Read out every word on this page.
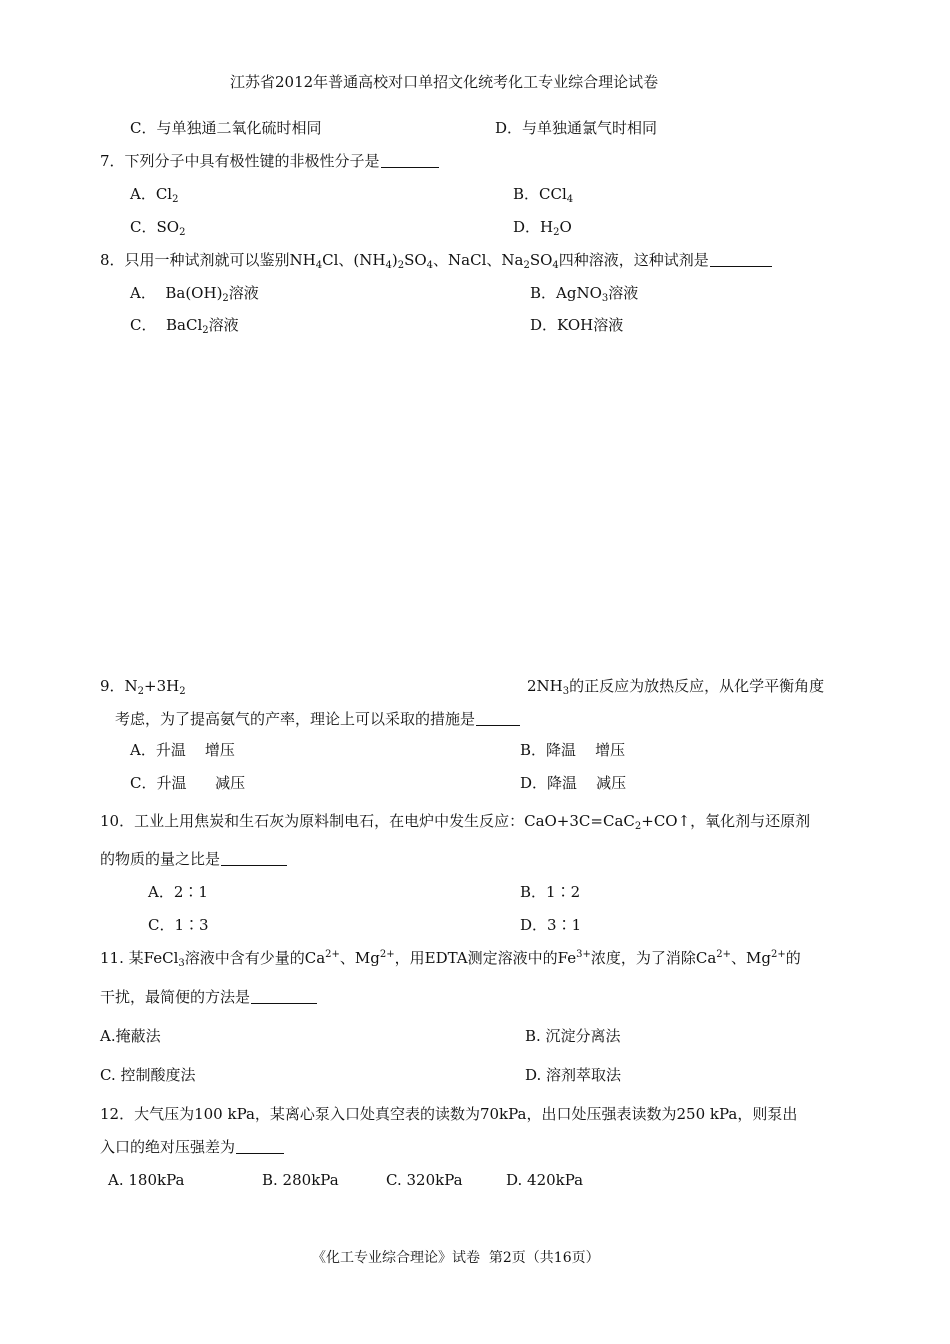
江苏省2012年普通高校对口单招文化统考化工专业综合理论试卷
C．与单独通二氧化硫时相同	D．与单独通氯气时相同
7．下列分子中具有极性键的非极性分子是
A．$Cl_2$	B．CCl$_4$
C．$SO_2$	D．$H_2O$
8．只用一种试剂就可以鉴别$NH_4Cl$、$(NH_4)_2SO_4$、NaCl、$Na_2SO_4$四种溶液，这种试剂是
A．  $Ba(OH)_2$溶液	B．AgNO$_3$溶液
C．  BaCl$_2$溶液	D．KOH溶液
9．$N_2+3H_2$	$2NH_3$的正反应为放热反应，从化学平衡角度
考虑，为了提高氨气的产率，理论上可以采取的措施是
A．升温    增压	B．降温    增压
C．升温      减压	D．降温    减压
10．工业上用焦炭和生石灰为原料制电石，在电炉中发生反应：CaO+3C=CaC$_2$+CO↑，氧化剂与还原剂
的物质的量之比是
A．2∶1	B．1∶2
C．1∶3	D．3∶1
11. 某FeCl$_3$溶液中含有少量的$Ca^{2+}$、$Mg^{2+}$，用EDTA测定溶液中的$Fe^{3+}$浓度，为了消除$Ca^{2+}$、$Mg^{2+}$的
干扰，最简便的方法是
A.掩蔽法	B. 沉淀分离法
C. 控制酸度法	D. 溶剂萃取法
12．大气压为100 kPa，某离心泵入口处真空表的读数为70kPa，出口处压强表读数为250 kPa，则泵出
入口的绝对压强差为
A. 180kPa	B. 280kPa	C. 320kPa	D. 420kPa
《化工专业综合理论》试卷  第2页（共16页）
